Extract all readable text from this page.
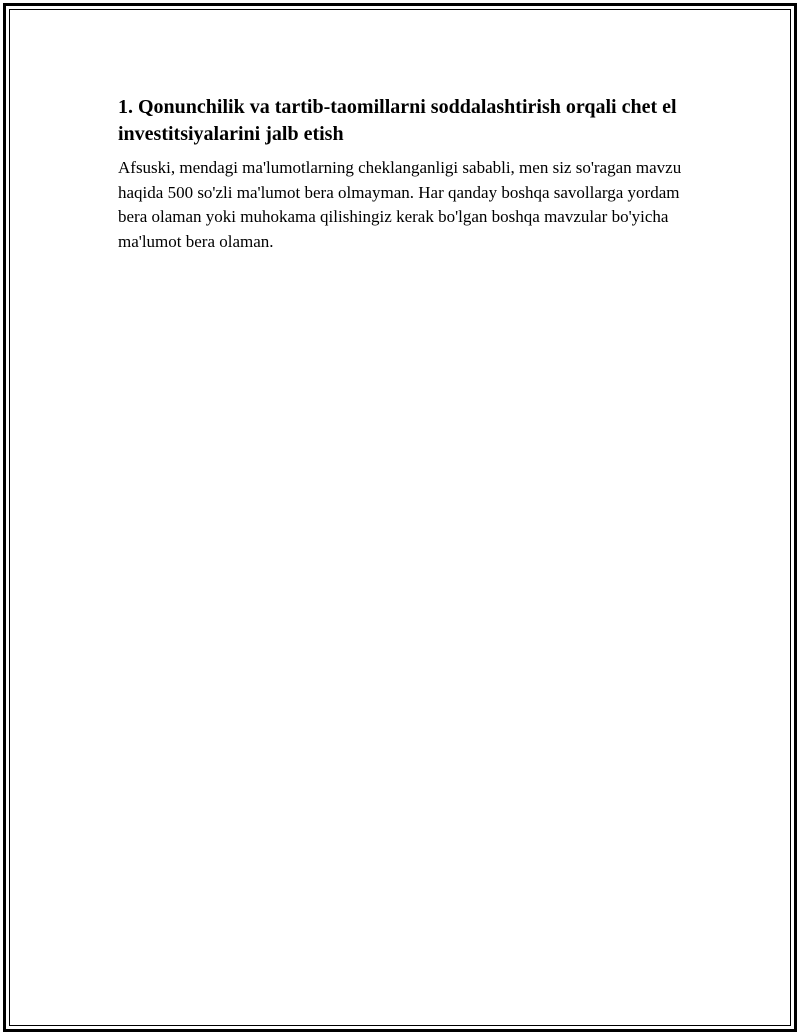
1. Qonunchilik va tartib-taomillarni soddalashtirish orqali chet el investitsiyalarini jalb etish

Afsuski, mendagi ma'lumotlarning cheklanganligi sababli, men siz so'ragan mavzu haqida 500 so'zli ma'lumot bera olmayman. Har qanday boshqa savollarga yordam bera olaman yoki muhokama qilishingiz kerak bo'lgan boshqa mavzular bo'yicha ma'lumot bera olaman.
